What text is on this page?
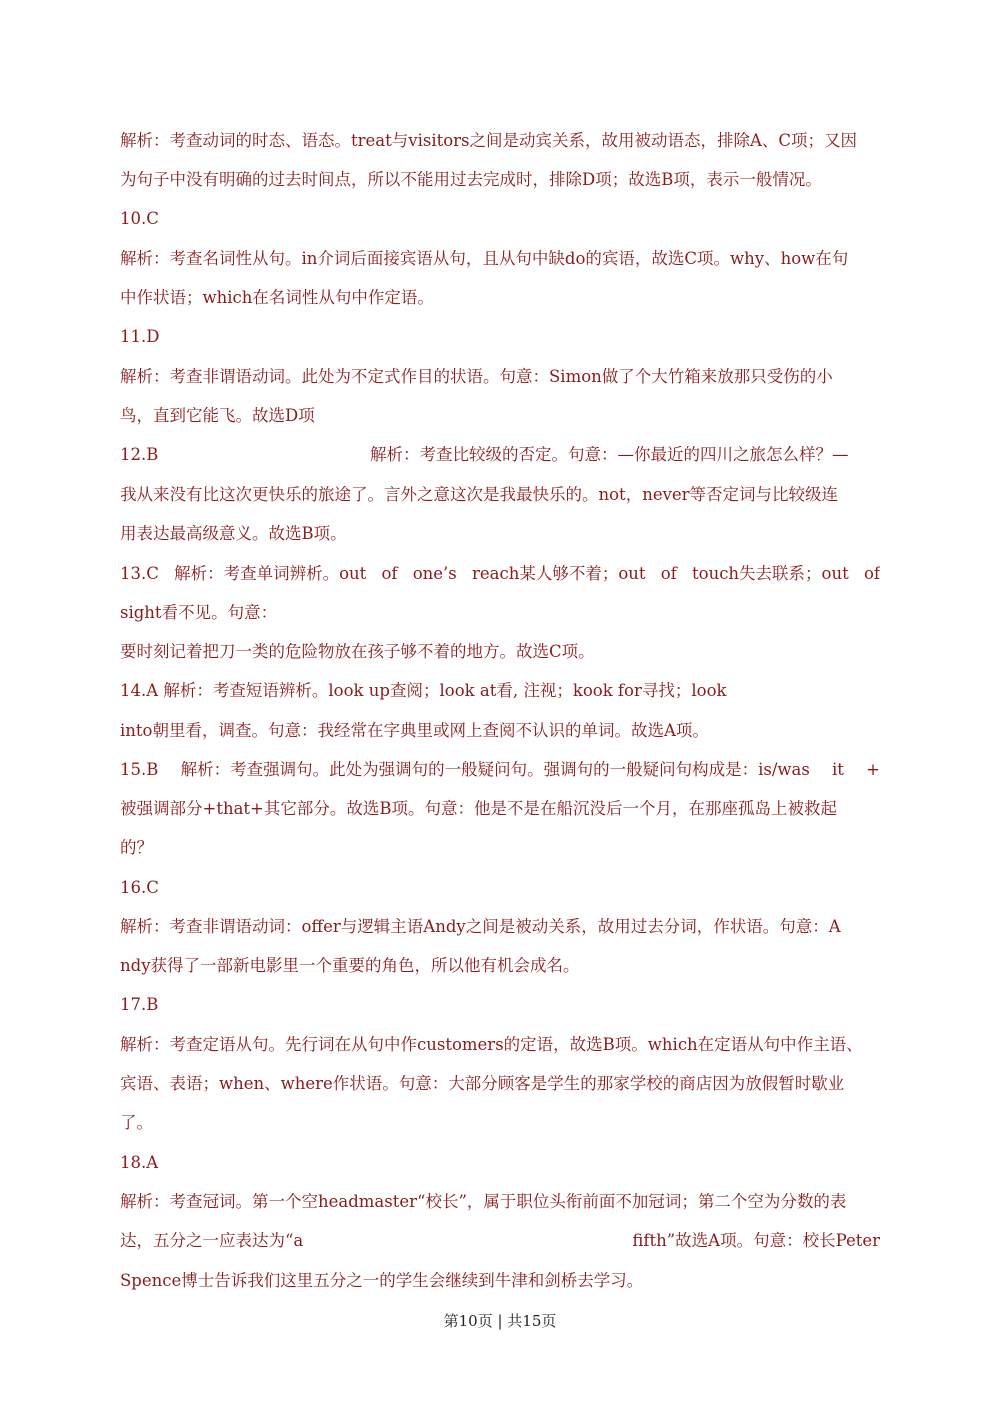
解析：考查动词的时态、语态。treat与visitors之间是动宾关系，故用被动语态，排除A、C项；又因
为句子中没有明确的过去时间点，所以不能用过去完成时，排除D项；故选B项，表示一般情况。
10.C
解析：考查名词性从句。in介词后面接宾语从句，且从句中缺do的宾语，故选C项。why、how在句
中作状语；which在名词性从句中作定语。
11.D
解析：考查非谓语动词。此处为不定式作目的状语。句意：Simon做了个大竹箱来放那只受伤的小
鸟，直到它能飞。故选D项
12.B	解析：考查比较级的否定。句意：—你最近的四川之旅怎么样？—
我从来没有比这次更快乐的旅途了。言外之意这次是我最快乐的。not，never等否定词与比较级连
用表达最高级意义。故选B项。
13.C 解析：考查单词辨析。out of one’s reach某人够不着；out of touch失去联系；out of
sight看不见。句意：
要时刻记着把刀一类的危险物放在孩子够不着的地方。故选C项。
14.A 解析：考查短语辨析。look up查阅；look at看, 注视；kook for寻找；look
into朝里看，调查。句意：我经常在字典里或网上查阅不认识的单词。故选A项。
15.B 解析：考查强调句。此处为强调句的一般疑问句。强调句的一般疑问句构成是：is/was it +
被强调部分+that+其它部分。故选B项。句意：他是不是在船沉没后一个月，在那座孤岛上被救起
的？
16.C
解析：考查非谓语动词：offer与逻辑主语Andy之间是被动关系，故用过去分词，作状语。句意：A
ndy获得了一部新电影里一个重要的角色，所以他有机会成名。
17.B
解析：考查定语从句。先行词在从句中作customers的定语，故选B项。which在定语从句中作主语、
宾语、表语；when、where作状语。句意：大部分顾客是学生的那家学校的商店因为放假暂时歇业
了。
18.A
解析：考查冠词。第一个空headmaster“校长”，属于职位头衔前面不加冠词；第二个空为分数的表
达，五分之一应表达为“a	fifth”故选A项。句意：校长Peter
Spence博士告诉我们这里五分之一的学生会继续到牛津和剑桥去学习。
第10页 | 共15页
